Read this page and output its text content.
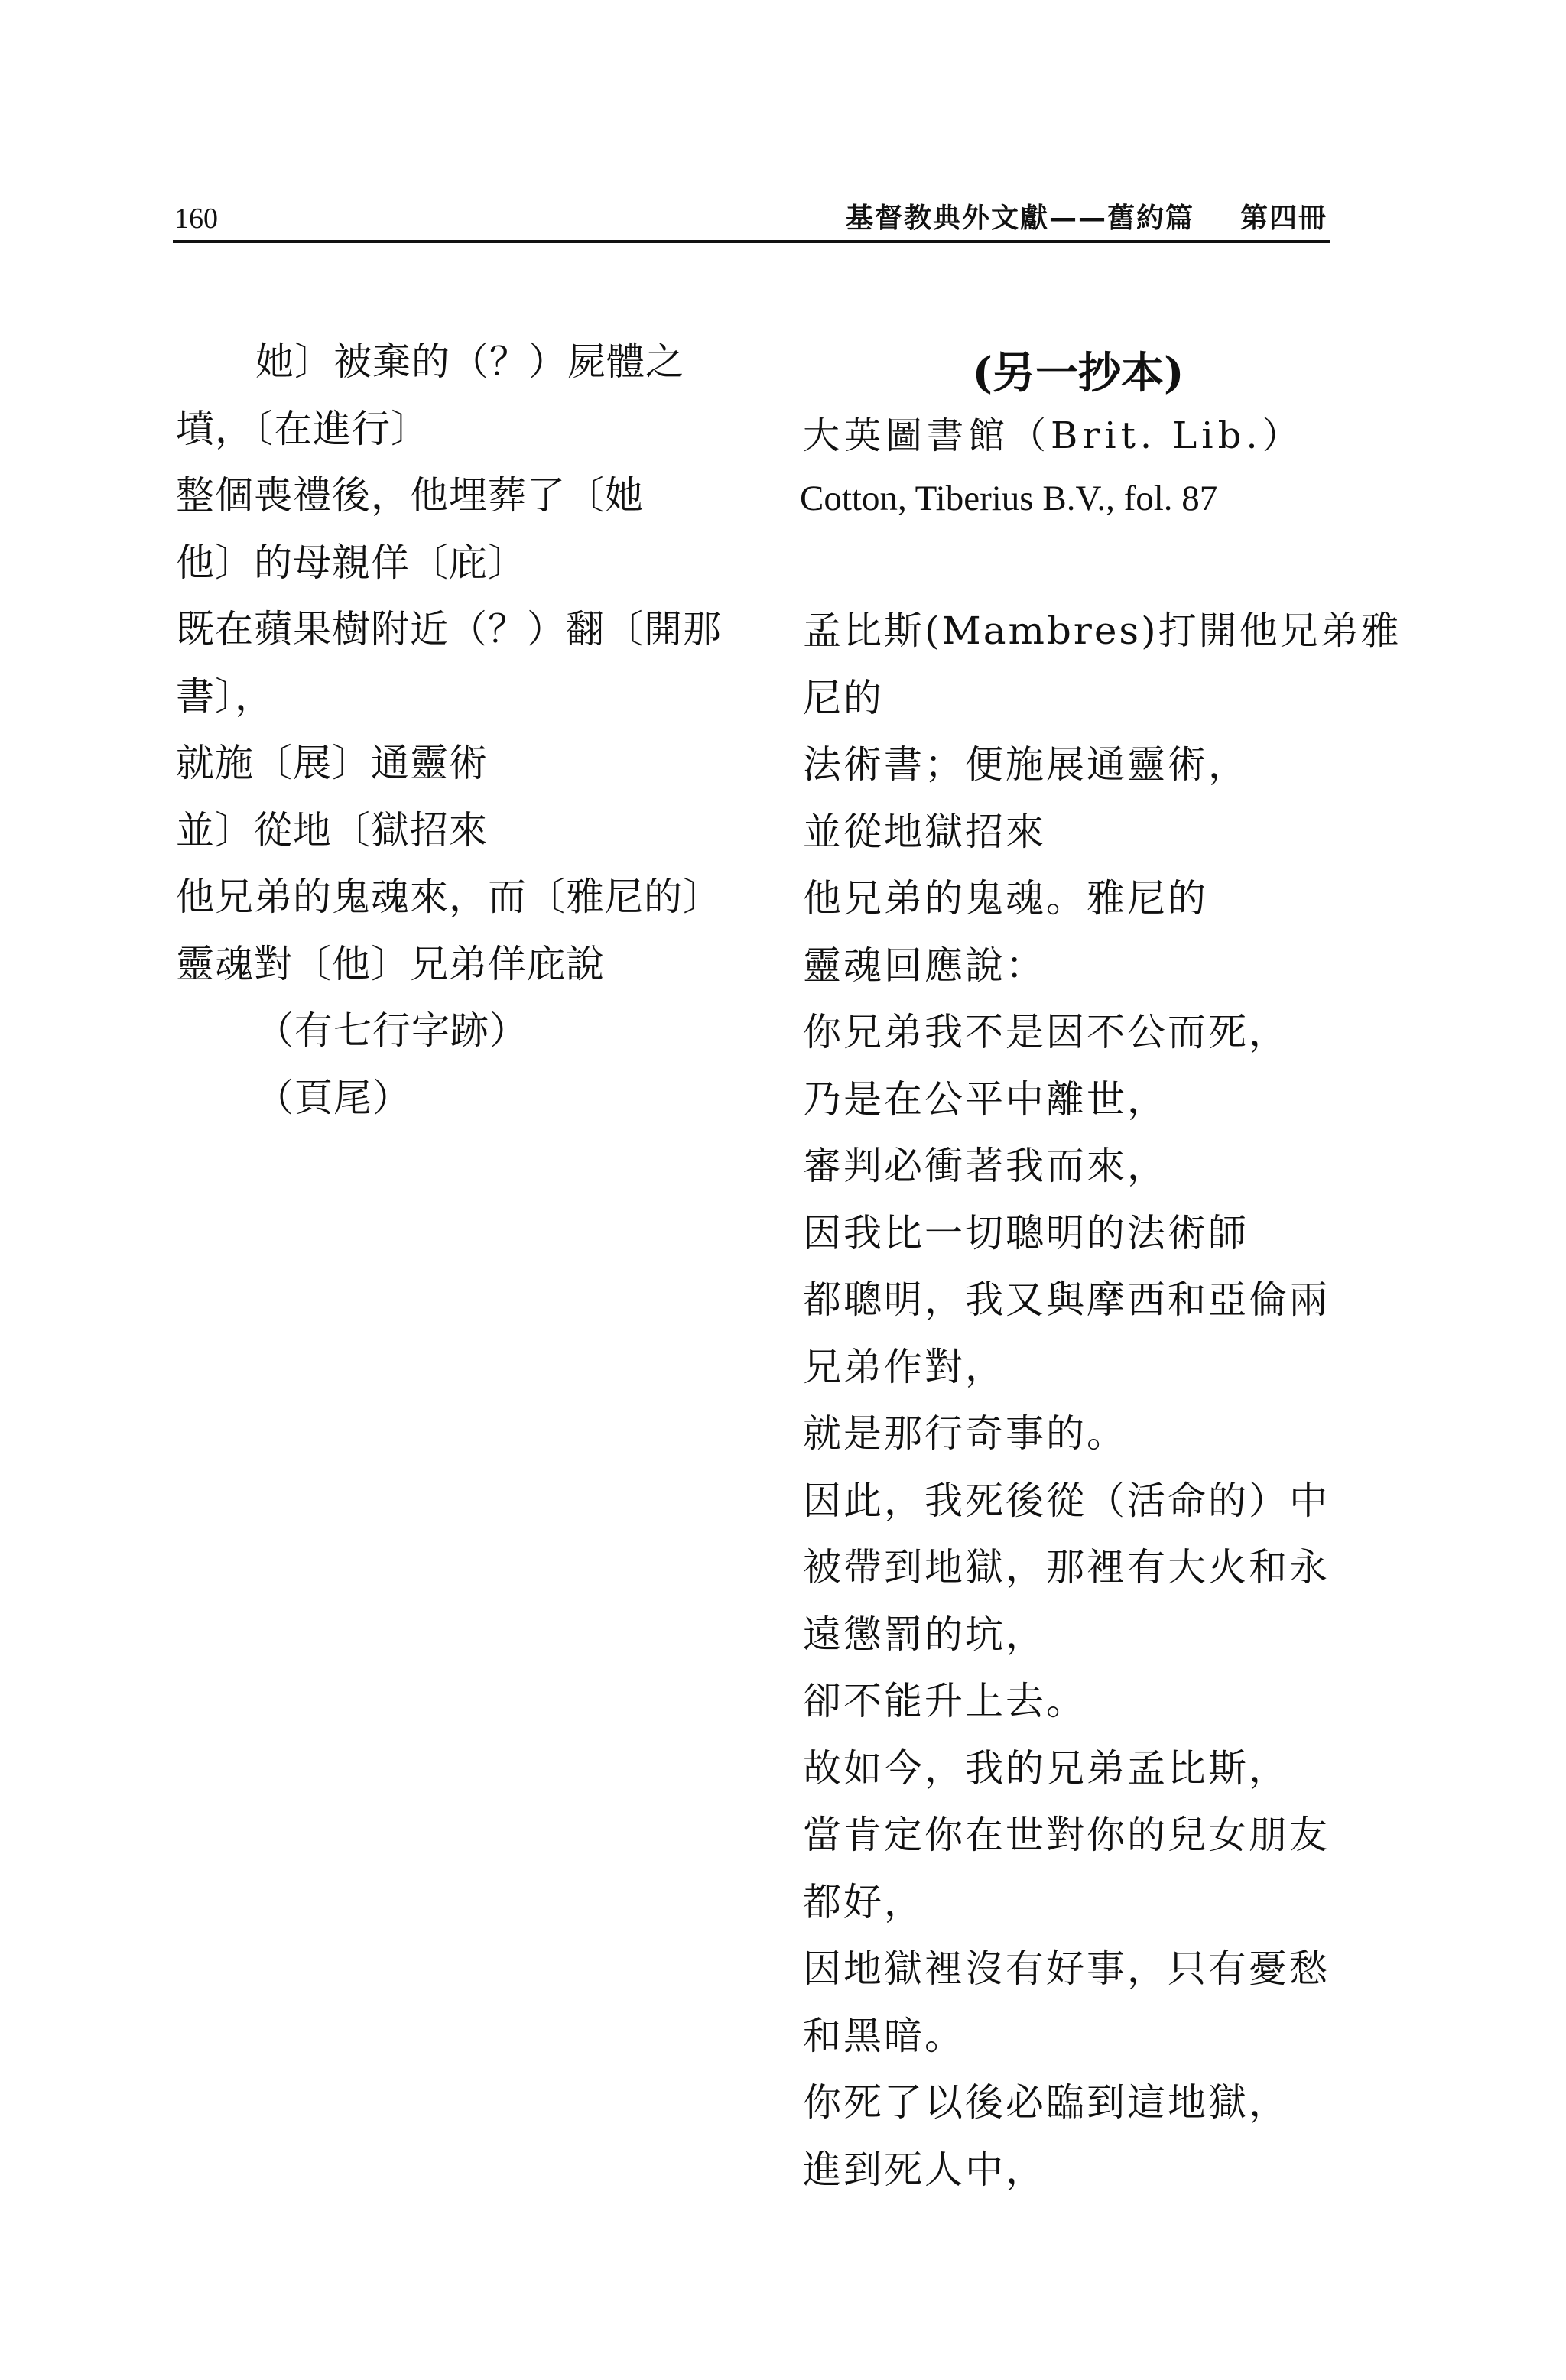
160	基督教典外文獻——舊約篇 第四冊
她〕被棄的（？）屍體之
墳，〔在進行〕
整個喪禮後，他埋葬了〔她
他〕的母親佯〔庇〕
既在蘋果樹附近（？）翻〔開那
書〕，
就施〔展〕通靈術
並〕從地〔獄招來
他兄弟的鬼魂來，而〔雅尼的〕
靈魂對〔他〕兄弟佯庇說
（有七行字跡）
（頁尾）
(另一抄本)
大英圖書館（Brit. Lib.）
Cotton, Tiberius B.V., fol. 87
孟比斯(Mambres)打開他兄弟雅
尼的
法術書；便施展通靈術，
並從地獄招來
他兄弟的鬼魂。雅尼的
靈魂回應說：
你兄弟我不是因不公而死，
乃是在公平中離世，
審判必衝著我而來，
因我比一切聰明的法術師
都聰明，我又與摩西和亞倫兩
兄弟作對，
就是那行奇事的。
因此，我死後從（活命的）中
被帶到地獄，那裡有大火和永
遠懲罰的坑，
卻不能升上去。
故如今，我的兄弟孟比斯，
當肯定你在世對你的兒女朋友
都好，
因地獄裡沒有好事，只有憂愁
和黑暗。
你死了以後必臨到這地獄，
進到死人中，
